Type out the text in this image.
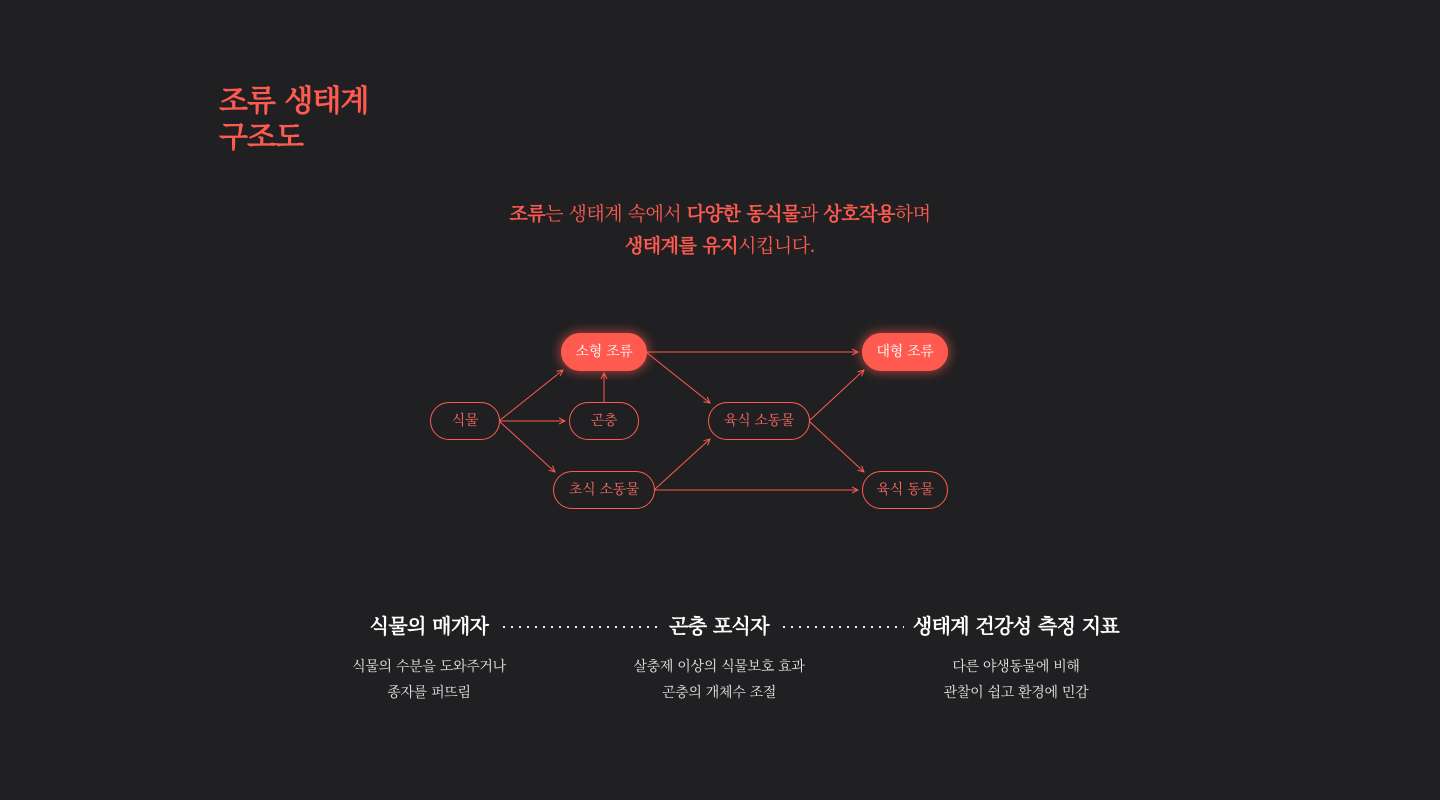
조류 생태계
구조도

조류는 생태계 속에서 다양한 동식물과 상호작용하며
생태계를 유지시킵니다.

식물	곤충
소형 조류
초식 소동물
육식 소동물
대형 조류
육식 동물
식물의 매개자
식물의 수분을 도와주거나
종자를 퍼뜨림
곤충 포식자
살충제 이상의 식물보호 효과
곤충의 개체수 조절
생태계 건강성 측정 지표
다른 야생동물에 비해
관찰이 쉽고 환경에 민감
